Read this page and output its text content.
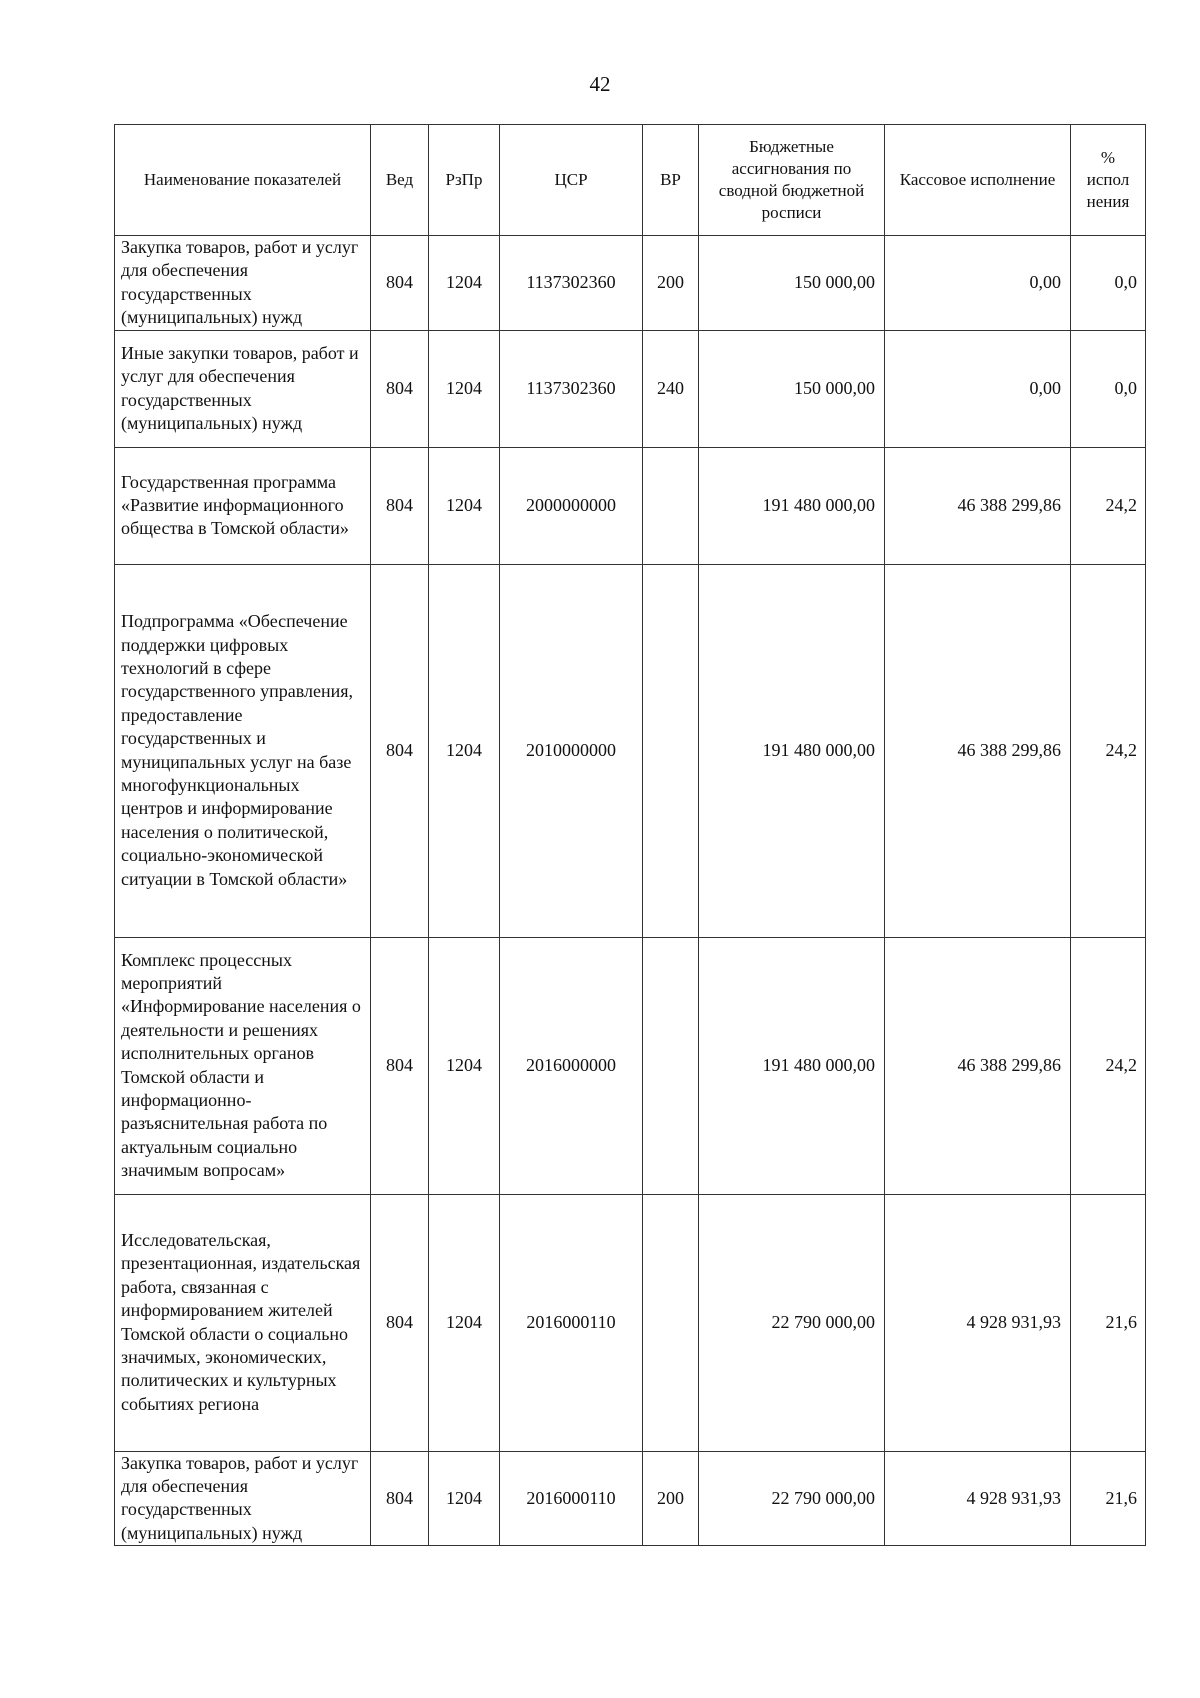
42
Наименование показателей	Вед	РзПр	ЦСР	ВР	Бюджетные ассигнования по сводной бюджетной росписи	Кассовое исполнение	% испол нения
Закупка товаров, работ и услуг для обеспечения государственных (муниципальных) нужд	804	1204	1137302360	200	150 000,00	0,00	0,0
Иные закупки товаров, работ и услуг для обеспечения государственных (муниципальных) нужд	804	1204	1137302360	240	150 000,00	0,00	0,0
Государственная программа «Развитие информационного общества в Томской области»	804	1204	2000000000		191 480 000,00	46 388 299,86	24,2
Подпрограмма «Обеспечение поддержки цифровых технологий в сфере государственного управления, предоставление государственных и муниципальных услуг на базе многофункциональных центров и информирование населения о политической, социально-экономической ситуации в Томской области»	804	1204	2010000000		191 480 000,00	46 388 299,86	24,2
Комплекс процессных мероприятий «Информирование населения о деятельности и решениях исполнительных органов Томской области и информационно-разъяснительная работа по актуальным социально значимым вопросам»	804	1204	2016000000		191 480 000,00	46 388 299,86	24,2
Исследовательская, презентационная, издательская работа, связанная с информированием жителей Томской области о социально значимых, экономических, политических и культурных событиях региона	804	1204	2016000110		22 790 000,00	4 928 931,93	21,6
Закупка товаров, работ и услуг для обеспечения государственных (муниципальных) нужд	804	1204	2016000110	200	22 790 000,00	4 928 931,93	21,6
